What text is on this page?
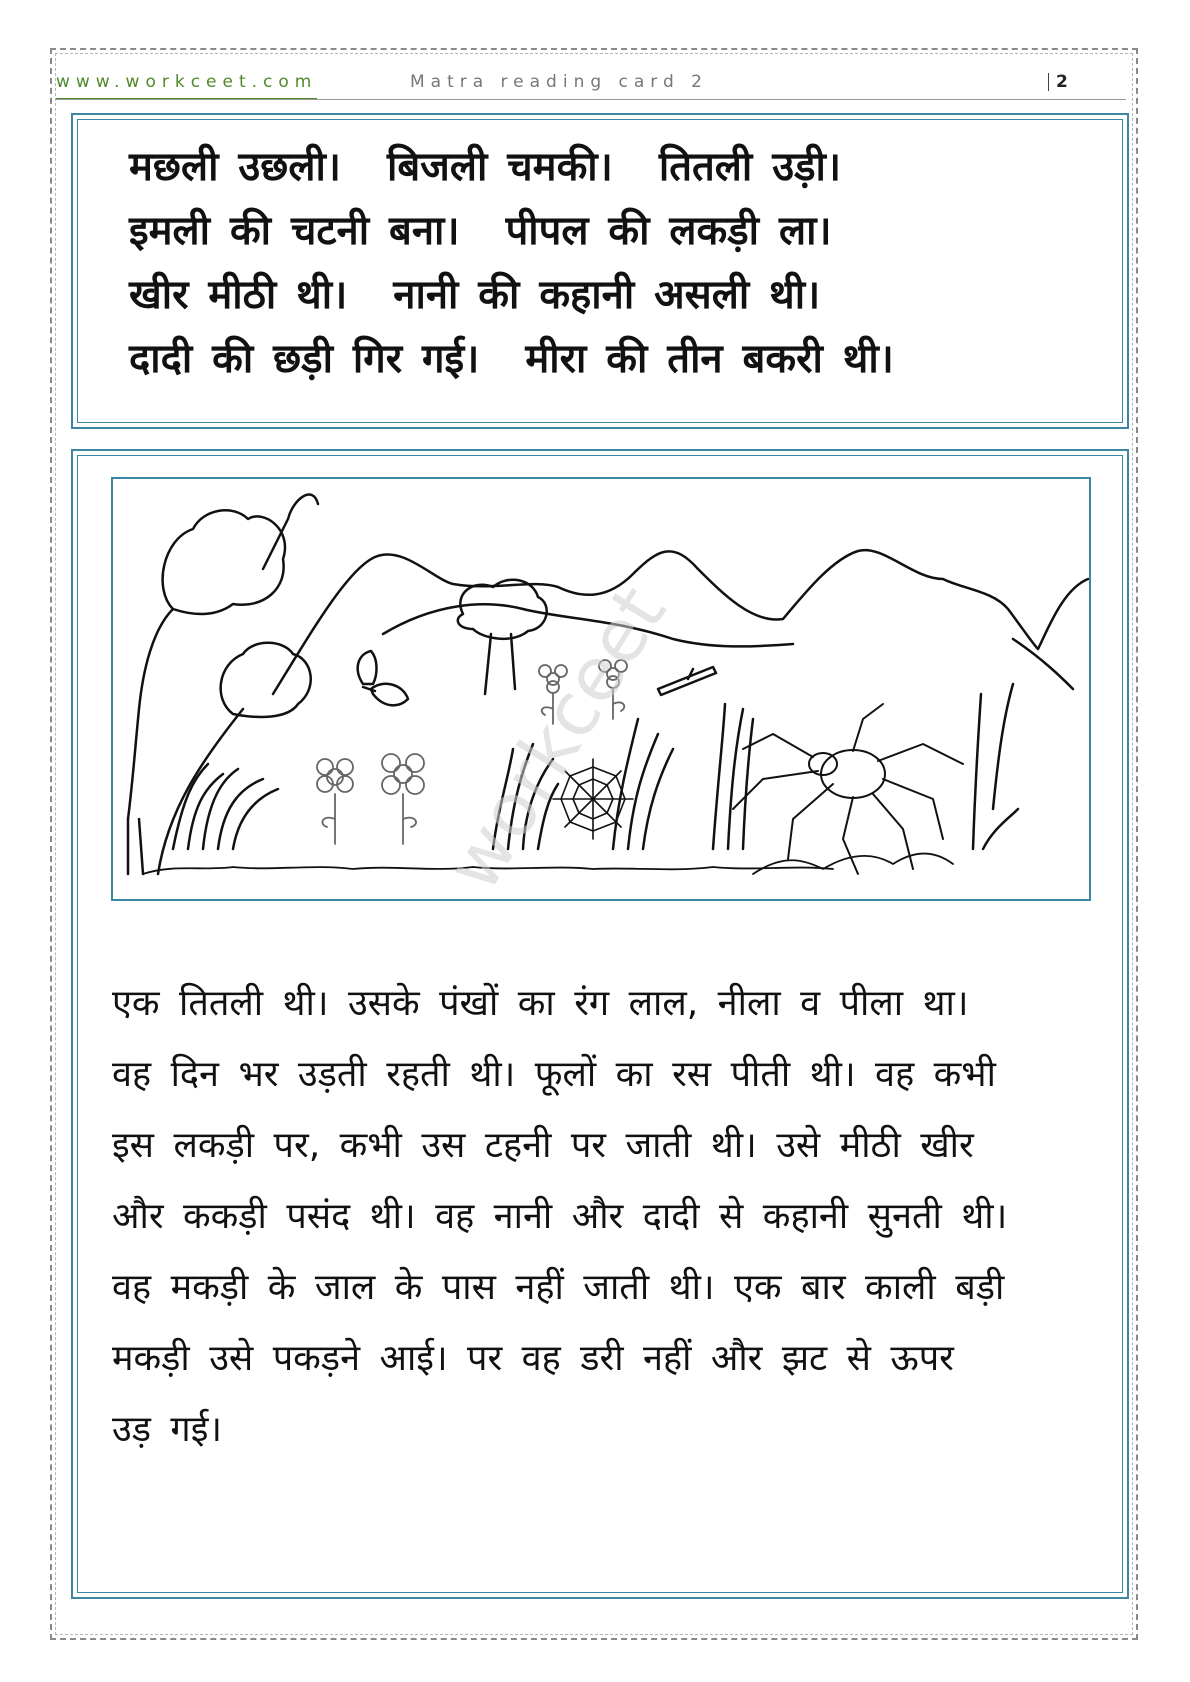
www.workceet.com	Matra reading card 2	2
मछली उछली। बिजली चमकी। तितली उड़ी।
इमली की चटनी बना। पीपल की लकड़ी ला।
खीर मीठी थी। नानी की कहानी असली थी।
दादी की छड़ी गिर गई। मीरा की तीन बकरी थी।
workceet
एक तितली थी। उसके पंखों का रंग लाल, नीला व पीला था।
वह दिन भर उड़ती रहती थी। फूलों का रस पीती थी। वह कभी
इस लकड़ी पर, कभी उस टहनी पर जाती थी। उसे मीठी खीर
और ककड़ी पसंद थी। वह नानी और दादी से कहानी सुनती थी।
वह मकड़ी के जाल के पास नहीं जाती थी। एक बार काली बड़ी
मकड़ी उसे पकड़ने आई। पर वह डरी नहीं और झट से ऊपर
उड़ गई।
